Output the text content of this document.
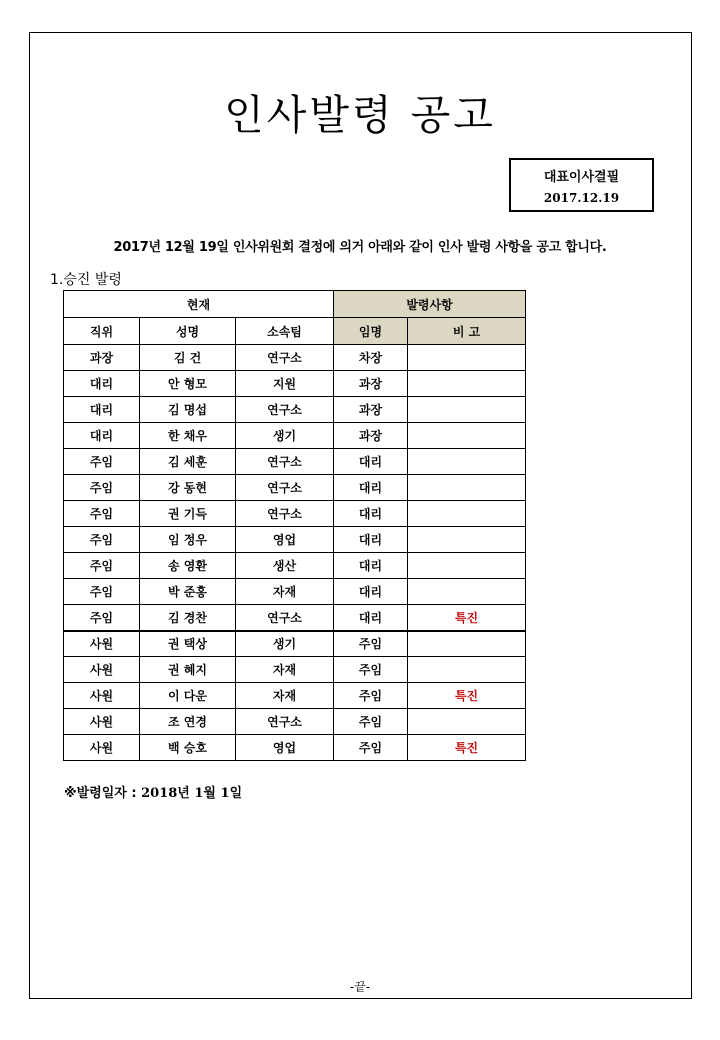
인사발령 공고
대표이사결필
2017.12.19
2017년 12월 19일 인사위원회 결정에 의거 아래와 같이 인사 발령 사항을 공고 합니다.
1.승진 발령
현재			발령사항	
직위	성명	소속팀	임명	비 고
과장	김 건	연구소	차장	
대리	안 형모	지원	과장	
대리	김 명섭	연구소	과장	
대리	한 채우	생기	과장	
주임	김 세훈	연구소	대리	
주임	강 동현	연구소	대리	
주임	권 기득	연구소	대리	
주임	임 정우	영업	대리	
주임	송 영환	생산	대리	
주임	박 준홍	자재	대리	
주임	김 경찬	연구소	대리	특진
사원	권 택상	생기	주임	
사원	권 혜지	자재	주임	
사원	이 다운	자재	주임	특진
사원	조 연경	연구소	주임	
사원	백 승호	영업	주임	특진
※발령일자 : 2018년 1월 1일
-끝-
